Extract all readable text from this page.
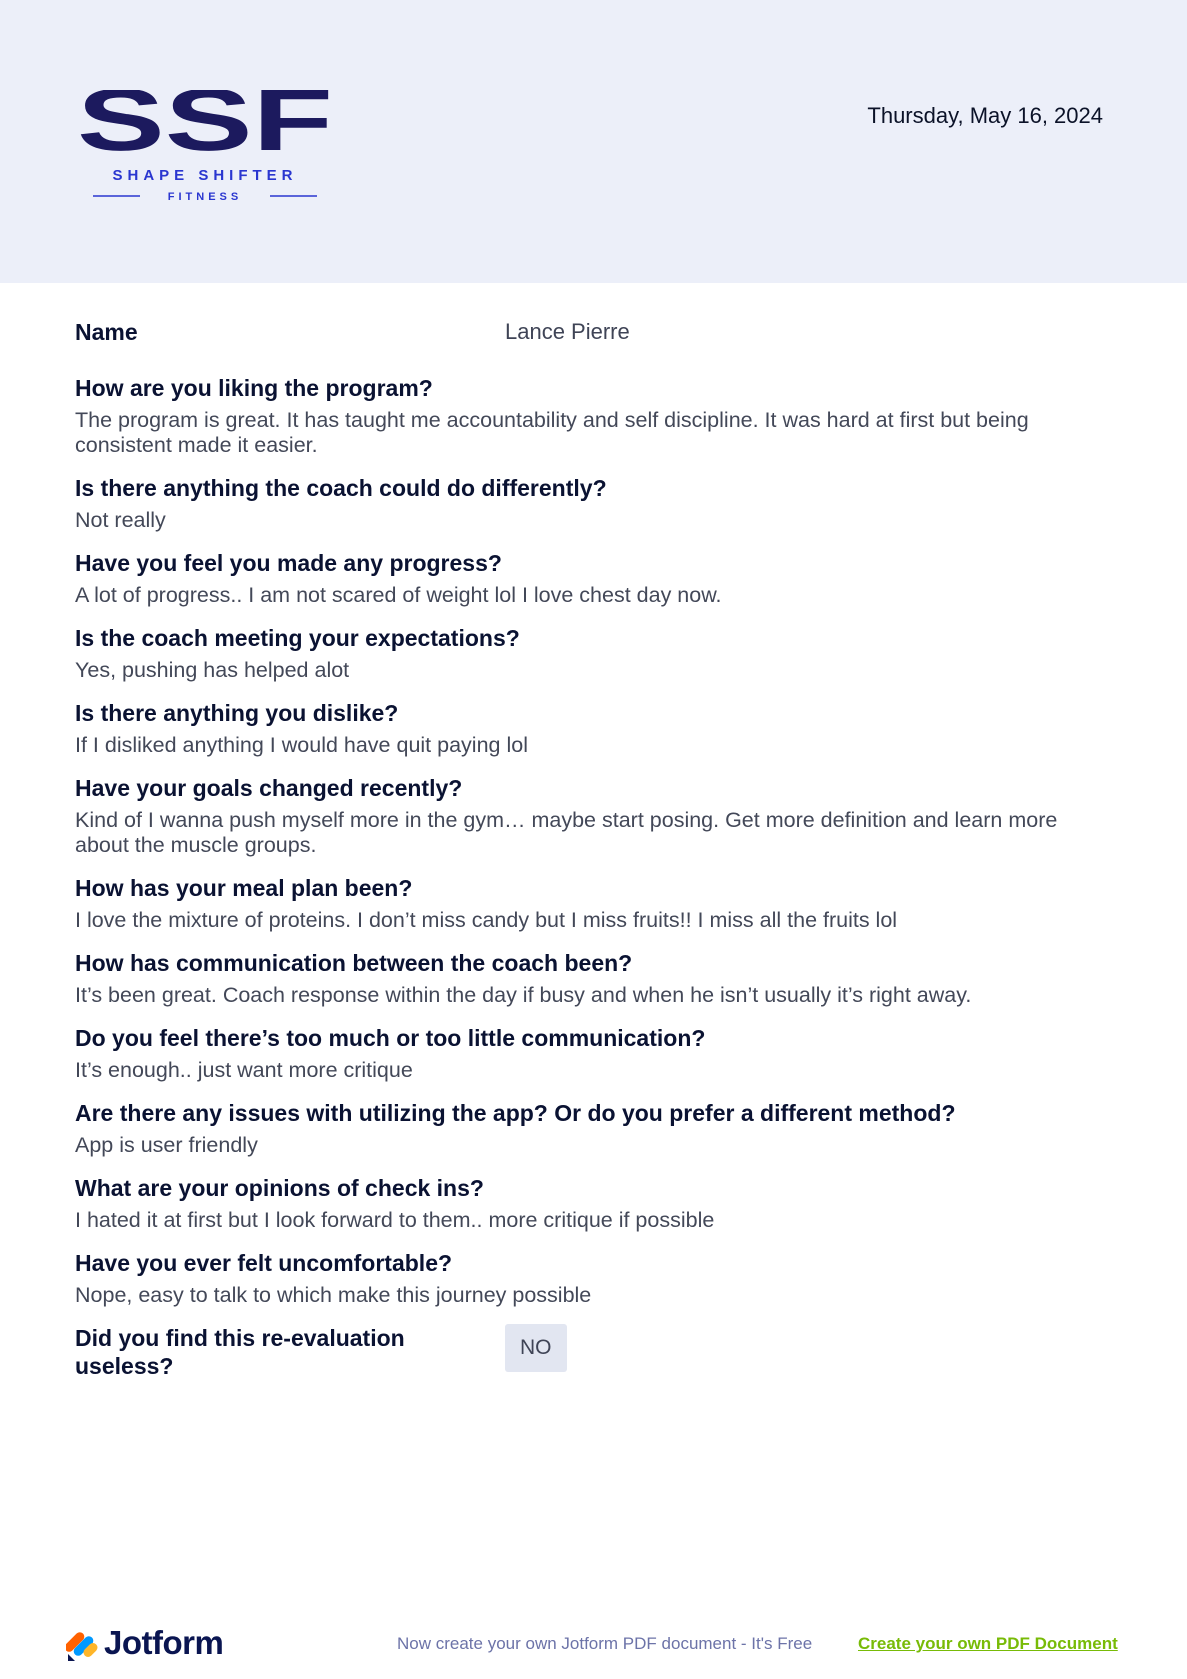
SSF
SHAPE SHIFTER
FITNESS
Thursday, May 16, 2024
Name	Lance Pierre
How are you liking the program?
The program is great. It has taught me accountability and self discipline. It was hard at first but being consistent made it easier.
Is there anything the coach could do differently?
Not really
Have you feel you made any progress?
A lot of progress.. I am not scared of weight lol I love chest day now.
Is the coach meeting your expectations?
Yes, pushing has helped alot
Is there anything you dislike?
If I disliked anything I would have quit paying lol
Have your goals changed recently?
Kind of I wanna push myself more in the gym… maybe start posing. Get more definition and learn more about the muscle groups.
How has your meal plan been?
I love the mixture of proteins. I don’t miss candy but I miss fruits!! I miss all the fruits lol
How has communication between the coach been?
It’s been great. Coach response within the day if busy and when he isn’t usually it’s right away.
Do you feel there’s too much or too little communication?
It’s enough.. just want more critique
Are there any issues with utilizing the app? Or do you prefer a different method?
App is user friendly
What are your opinions of check ins?
I hated it at first but I look forward to them.. more critique if possible
Have you ever felt uncomfortable?
Nope, easy to talk to which make this journey possible
Did you find this re-evaluation useless?
NO
Jotform	Now create your own Jotform PDF document - It's Free	Create your own PDF Document
